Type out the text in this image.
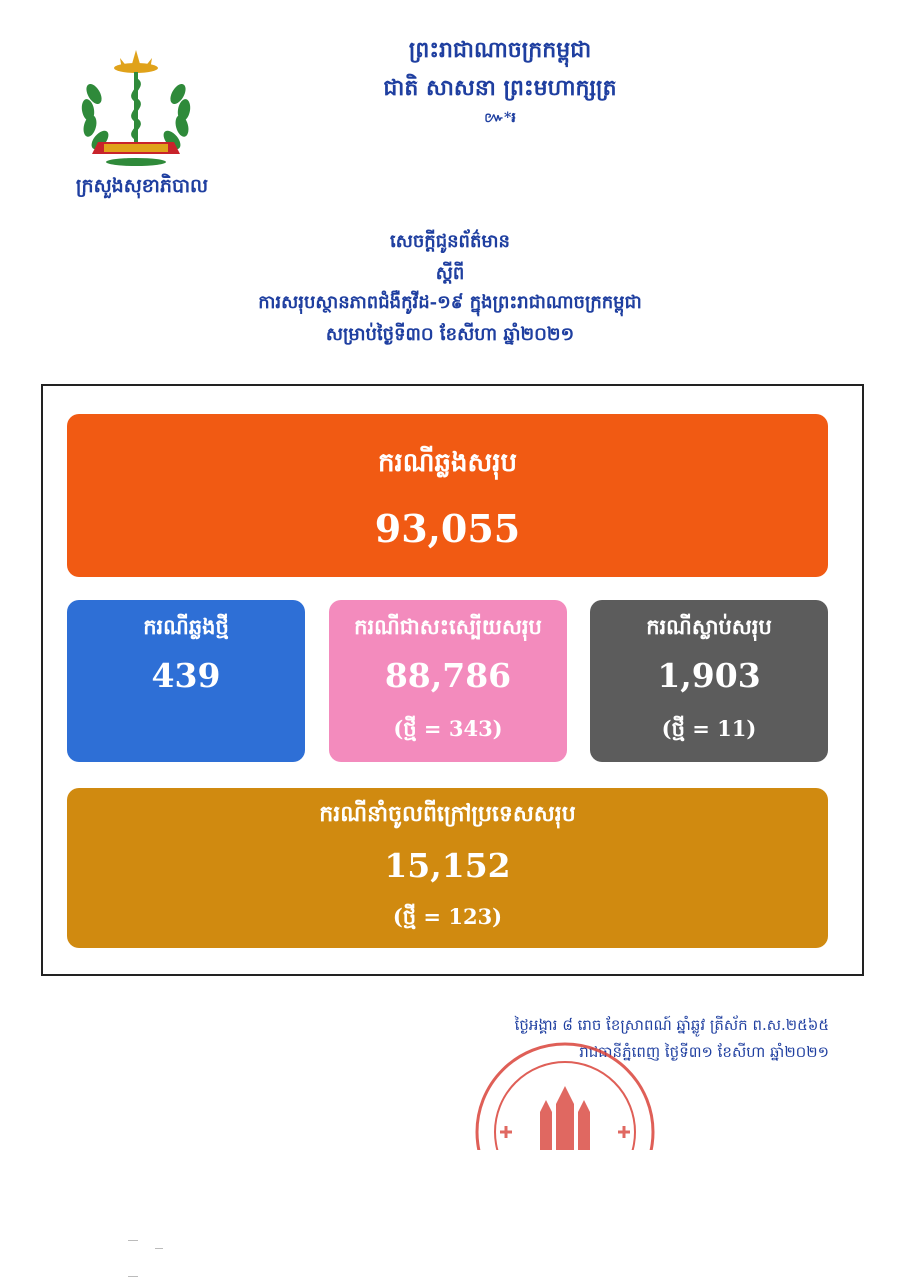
ព្រះរាជាណាចក្រកម្ពុជា
ជាតិ សាសនា ព្រះមហាក្សត្រ
៚*៛
ក្រសួងសុខាភិបាល
សេចក្ដីជូនព័ត៌មាន
ស្ដីពី
ការសរុបស្ថានភាពជំងឺកូវីដ-១៩ ក្នុងព្រះរាជាណាចក្រកម្ពុជា
សម្រាប់ថ្ងៃទី៣០ ខែសីហា ឆ្នាំ២០២១
ករណីឆ្លងសរុប
93,055
ករណីឆ្លងថ្មី
439
ករណីជាសះស្បើយសរុប
88,786
(ថ្មី = 343)
ករណីស្លាប់សរុប
1,903
(ថ្មី = 11)
ករណីនាំចូលពីក្រៅប្រទេសសរុប
15,152
(ថ្មី = 123)
ថ្ងៃអង្គារ ៨ រោច ខែស្រាពណ៍ ឆ្នាំឆ្លូវ ត្រីស័ក ព.ស.២៥៦៥
រាជធានីភ្នំពេញ ថ្ងៃទី៣១ ខែសីហា ឆ្នាំ២០២១
